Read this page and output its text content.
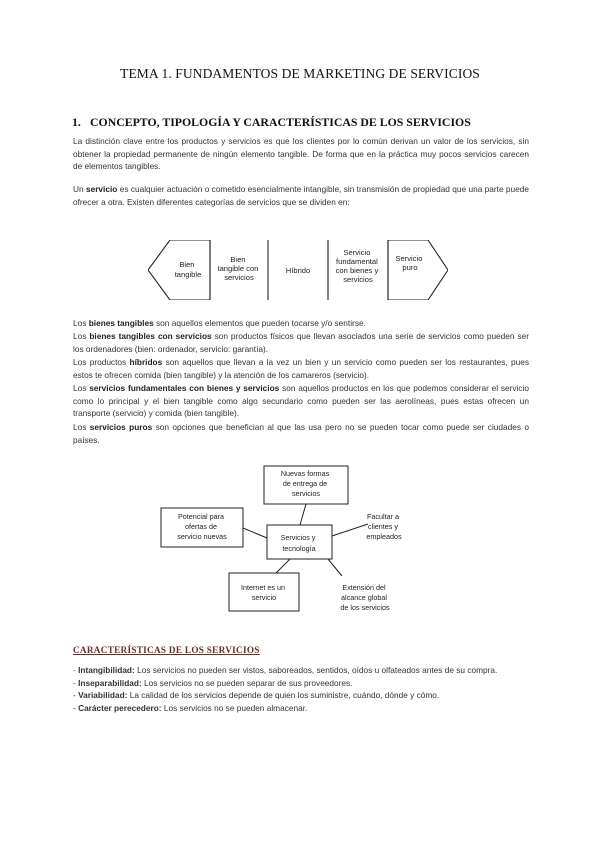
TEMA 1. FUNDAMENTOS DE MARKETING DE SERVICIOS
1. CONCEPTO, TIPOLOGÍA Y CARACTERÍSTICAS DE LOS SERVICIOS

La distinción clave entre los productos y servicios es que los clientes por lo común derivan un valor de los servicios, sin obtener la propiedad permanente de ningún elemento tangible. De forma que en la práctica muy pocos servicios carecen de elementos tangibles.

Un servicio es cualquier actuación o cometido esencialmente intangible, sin transmisión de propiedad que una parte puede ofrecer a otra. Existen diferentes categorías de servicios que se dividen en:

Bien tangible
Bien tangible con servicios
Híbrido
Servicio fundamental con bienes y servicios
Servicio puro

Los bienes tangibles son aquellos elementos que pueden tocarse y/o sentirse.

Los bienes tangibles con servicios son productos físicos que llevan asociados una serie de servicios como pueden ser los ordenadores (bien: ordenador, servicio: garantía).

Los productos híbridos son aquellos que llevan a la vez un bien y un servicio como pueden ser los restaurantes, pues estos te ofrecen comida (bien tangible) y la atención de los camareros (servicio).

Los servicios fundamentales con bienes y servicios son aquellos productos en los que podemos considerar el servicio como lo principal y el bien tangible como algo secundario como pueden ser las aerolíneas, pues estas ofrecen un transporte (servicio) y comida (bien tangible).

Los servicios puros son opciones que benefician al que las usa pero no se pueden tocar como puede ser ciudades o países.

Nuevas formas de entrega de servicios
Potencial para ofertas de servicio nuevas	Servicios y tecnología
Facultar a clientes y empleados
Internet es un servicio
Extensión del alcance global de los servicios
CARACTERÍSTICAS DE LOS SERVICIOS

- Intangibilidad: Los servicios no pueden ser vistos, saboreados, sentidos, oídos u olfateados antes de su compra.

- Inseparabilidad: Los servicios no se pueden separar de sus proveedores.

- Variabilidad: La calidad de los servicios depende de quien los suministre, cuándo, dónde y cómo.

- Carácter perecedero: Los servicios no se pueden almacenar.
